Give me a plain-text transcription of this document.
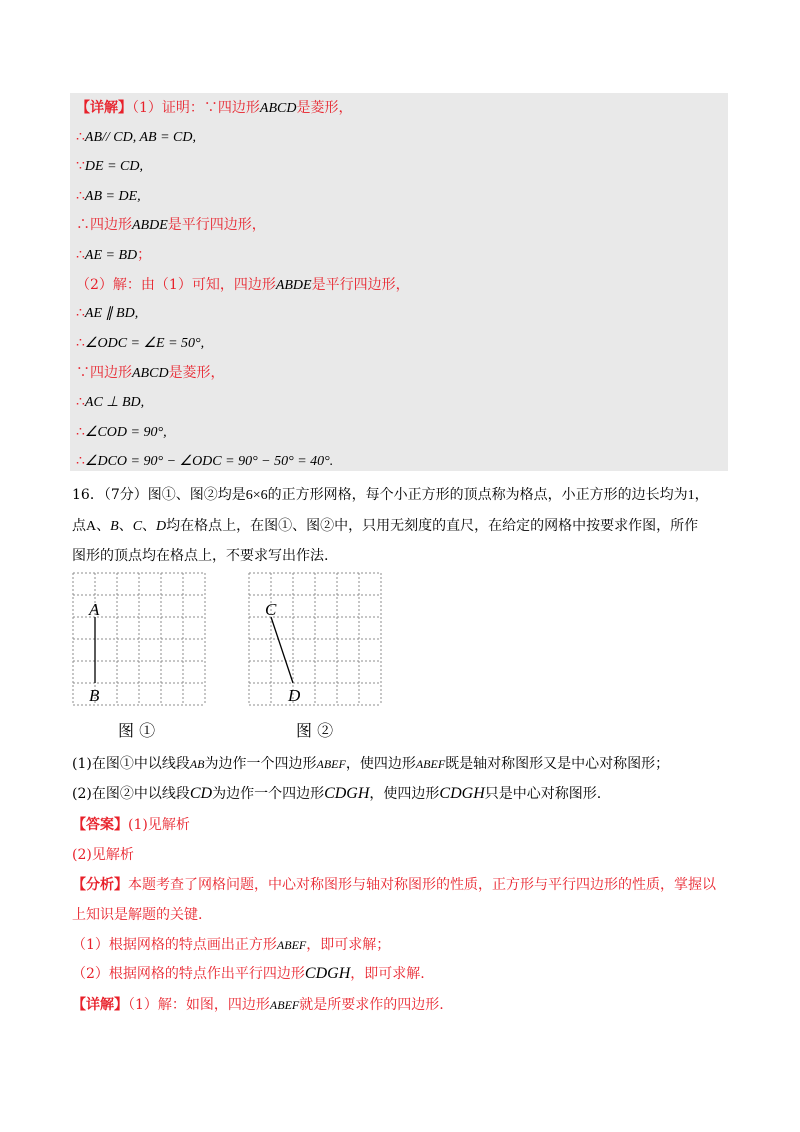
【详解】（1）证明：∵四边形ABCD是菱形，
∴AB// CD, AB = CD,
∵DE = CD,
∴AB = DE,
∴四边形ABDE是平行四边形，
∴AE = BD；
（2）解：由（1）可知，四边形ABDE是平行四边形，
∴AE ∥ BD,
∴∠ODC = ∠E = 50°,
∵四边形ABCD是菱形，
∴AC ⊥ BD,
∴∠COD = 90°,
∴∠DCO = 90° − ∠ODC = 90° − 50° = 40°.
16．（7分）图①、图②均是6×6的正方形网格，每个小正方形的顶点称为格点，小正方形的边长均为1，
点A、B、C、D均在格点上，在图①、图②中，只用无刻度的直尺，在给定的网格中按要求作图，所作
图形的顶点均在格点上，不要求写出作法.
A
B
图 ①
C
D
图 ②
(1)在图①中以线段AB为边作一个四边形ABEF，使四边形ABEF既是轴对称图形又是中心对称图形；
(2)在图②中以线段CD为边作一个四边形CDGH，使四边形CDGH只是中心对称图形.
【答案】(1)见解析
(2)见解析
【分析】本题考查了网格问题，中心对称图形与轴对称图形的性质，正方形与平行四边形的性质，掌握以
上知识是解题的关键.
（1）根据网格的特点画出正方形ABEF，即可求解；
（2）根据网格的特点作出平行四边形CDGH，即可求解.
【详解】（1）解：如图，四边形ABEF就是所要求作的四边形.
